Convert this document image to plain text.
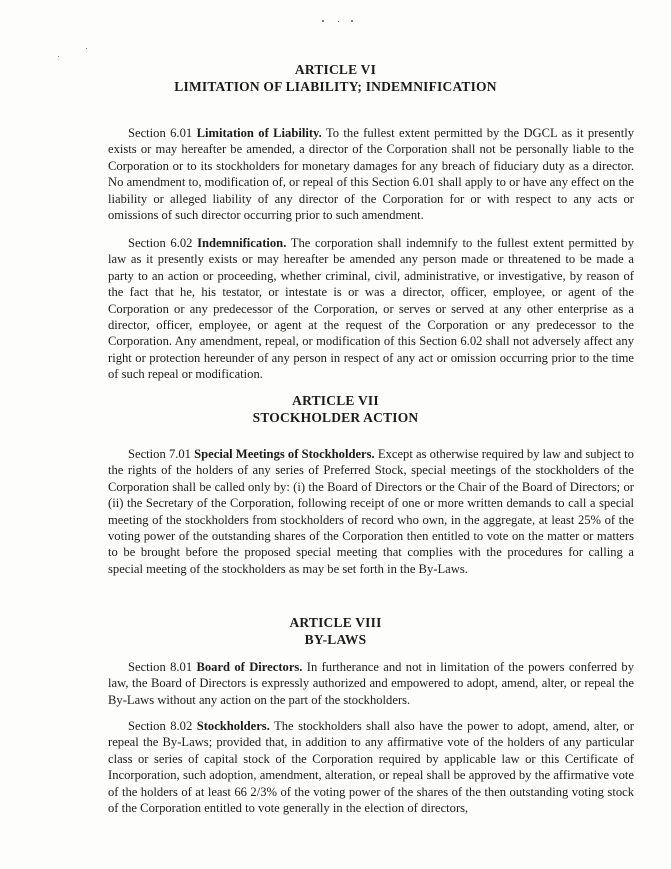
ARTICLE VI
LIMITATION OF LIABILITY; INDEMNIFICATION

Section 6.01 Limitation of Liability. To the fullest extent permitted by the DGCL as it presently exists or may hereafter be amended, a director of the Corporation shall not be personally liable to the Corporation or to its stockholders for monetary damages for any breach of fiduciary duty as a director. No amendment to, modification of, or repeal of this Section 6.01 shall apply to or have any effect on the liability or alleged liability of any director of the Corporation for or with respect to any acts or omissions of such director occurring prior to such amendment.

Section 6.02 Indemnification. The corporation shall indemnify to the fullest extent permitted by law as it presently exists or may hereafter be amended any person made or threatened to be made a party to an action or proceeding, whether criminal, civil, administrative, or investigative, by reason of the fact that he, his testator, or intestate is or was a director, officer, employee, or agent of the Corporation or any predecessor of the Corporation, or serves or served at any other enterprise as a director, officer, employee, or agent at the request of the Corporation or any predecessor to the Corporation. Any amendment, repeal, or modification of this Section 6.02 shall not adversely affect any right or protection hereunder of any person in respect of any act or omission occurring prior to the time of such repeal or modification.

ARTICLE VII
STOCKHOLDER ACTION

Section 7.01 Special Meetings of Stockholders. Except as otherwise required by law and subject to the rights of the holders of any series of Preferred Stock, special meetings of the stockholders of the Corporation shall be called only by: (i) the Board of Directors or the Chair of the Board of Directors; or (ii) the Secretary of the Corporation, following receipt of one or more written demands to call a special meeting of the stockholders from stockholders of record who own, in the aggregate, at least 25% of the voting power of the outstanding shares of the Corporation then entitled to vote on the matter or matters to be brought before the proposed special meeting that complies with the procedures for calling a special meeting of the stockholders as may be set forth in the By-Laws.

ARTICLE VIII
BY-LAWS

Section 8.01 Board of Directors. In furtherance and not in limitation of the powers conferred by law, the Board of Directors is expressly authorized and empowered to adopt, amend, alter, or repeal the By-Laws without any action on the part of the stockholders.

Section 8.02 Stockholders. The stockholders shall also have the power to adopt, amend, alter, or repeal the By-Laws; provided that, in addition to any affirmative vote of the holders of any particular class or series of capital stock of the Corporation required by applicable law or this Certificate of Incorporation, such adoption, amendment, alteration, or repeal shall be approved by the affirmative vote of the holders of at least 66 2/3% of the voting power of the shares of the then outstanding voting stock of the Corporation entitled to vote generally in the election of directors,
